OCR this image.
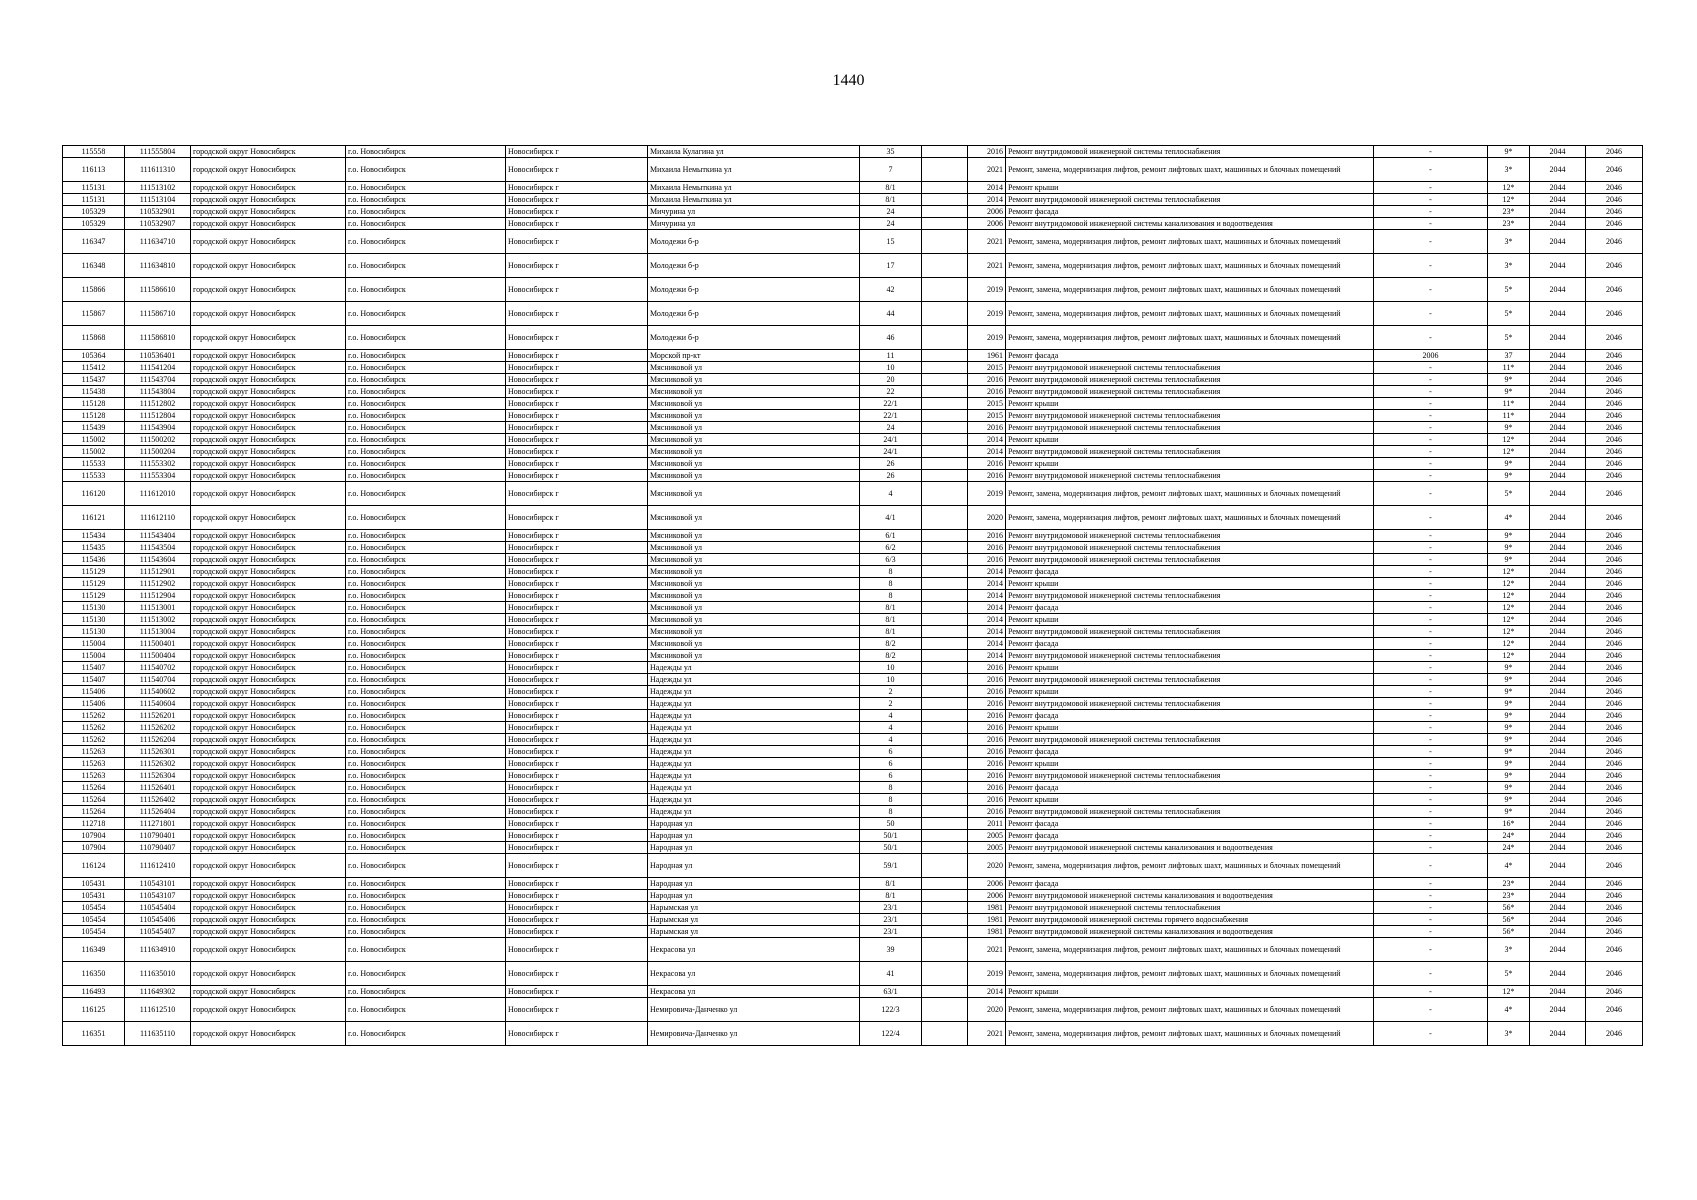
1440
115558	111555804	городской округ Новосибирск	г.о. Новосибирск	Новосибирск г	Михаила Кулагина ул	35		2016	Ремонт внутридомовой инженерной системы теплоснабжения	-	9*	2044	2046
116113	111611310	городской округ Новосибирск	г.о. Новосибирск	Новосибирск г	Михаила Немыткина ул	7		2021	Ремонт, замена, модернизация лифтов, ремонт лифтовых шахт, машинных и блочных помещений	-	3*	2044	2046
115131	111513102	городской округ Новосибирск	г.о. Новосибирск	Новосибирск г	Михаила Немыткина ул	8/1		2014	Ремонт крыши	-	12*	2044	2046
115131	111513104	городской округ Новосибирск	г.о. Новосибирск	Новосибирск г	Михаила Немыткина ул	8/1		2014	Ремонт внутридомовой инженерной системы теплоснабжения	-	12*	2044	2046
105329	110532901	городской округ Новосибирск	г.о. Новосибирск	Новосибирск г	Мичурина ул	24		2006	Ремонт фасада	-	23*	2044	2046
105329	110532907	городской округ Новосибирск	г.о. Новосибирск	Новосибирск г	Мичурина ул	24		2006	Ремонт внутридомовой инженерной системы канализования и водоотведения	-	23*	2044	2046
116347	111634710	городской округ Новосибирск	г.о. Новосибирск	Новосибирск г	Молодежи б-р	15		2021	Ремонт, замена, модернизация лифтов, ремонт лифтовых шахт, машинных и блочных помещений	-	3*	2044	2046
116348	111634810	городской округ Новосибирск	г.о. Новосибирск	Новосибирск г	Молодежи б-р	17		2021	Ремонт, замена, модернизация лифтов, ремонт лифтовых шахт, машинных и блочных помещений	-	3*	2044	2046
115866	111586610	городской округ Новосибирск	г.о. Новосибирск	Новосибирск г	Молодежи б-р	42		2019	Ремонт, замена, модернизация лифтов, ремонт лифтовых шахт, машинных и блочных помещений	-	5*	2044	2046
115867	111586710	городской округ Новосибирск	г.о. Новосибирск	Новосибирск г	Молодежи б-р	44		2019	Ремонт, замена, модернизация лифтов, ремонт лифтовых шахт, машинных и блочных помещений	-	5*	2044	2046
115868	111586810	городской округ Новосибирск	г.о. Новосибирск	Новосибирск г	Молодежи б-р	46		2019	Ремонт, замена, модернизация лифтов, ремонт лифтовых шахт, машинных и блочных помещений	-	5*	2044	2046
105364	110536401	городской округ Новосибирск	г.о. Новосибирск	Новосибирск г	Морской пр-кт	11		1961	Ремонт фасада	2006	37	2044	2046
115412	111541204	городской округ Новосибирск	г.о. Новосибирск	Новосибирск г	Мясниковой ул	10		2015	Ремонт внутридомовой инженерной системы теплоснабжения	-	11*	2044	2046
115437	111543704	городской округ Новосибирск	г.о. Новосибирск	Новосибирск г	Мясниковой ул	20		2016	Ремонт внутридомовой инженерной системы теплоснабжения	-	9*	2044	2046
115438	111543804	городской округ Новосибирск	г.о. Новосибирск	Новосибирск г	Мясниковой ул	22		2016	Ремонт внутридомовой инженерной системы теплоснабжения	-	9*	2044	2046
115128	111512802	городской округ Новосибирск	г.о. Новосибирск	Новосибирск г	Мясниковой ул	22/1		2015	Ремонт крыши	-	11*	2044	2046
115128	111512804	городской округ Новосибирск	г.о. Новосибирск	Новосибирск г	Мясниковой ул	22/1		2015	Ремонт внутридомовой инженерной системы теплоснабжения	-	11*	2044	2046
115439	111543904	городской округ Новосибирск	г.о. Новосибирск	Новосибирск г	Мясниковой ул	24		2016	Ремонт внутридомовой инженерной системы теплоснабжения	-	9*	2044	2046
115002	111500202	городской округ Новосибирск	г.о. Новосибирск	Новосибирск г	Мясниковой ул	24/1		2014	Ремонт крыши	-	12*	2044	2046
115002	111500204	городской округ Новосибирск	г.о. Новосибирск	Новосибирск г	Мясниковой ул	24/1		2014	Ремонт внутридомовой инженерной системы теплоснабжения	-	12*	2044	2046
115533	111553302	городской округ Новосибирск	г.о. Новосибирск	Новосибирск г	Мясниковой ул	26		2016	Ремонт крыши	-	9*	2044	2046
115533	111553304	городской округ Новосибирск	г.о. Новосибирск	Новосибирск г	Мясниковой ул	26		2016	Ремонт внутридомовой инженерной системы теплоснабжения	-	9*	2044	2046
116120	111612010	городской округ Новосибирск	г.о. Новосибирск	Новосибирск г	Мясниковой ул	4		2019	Ремонт, замена, модернизация лифтов, ремонт лифтовых шахт, машинных и блочных помещений	-	5*	2044	2046
116121	111612110	городской округ Новосибирск	г.о. Новосибирск	Новосибирск г	Мясниковой ул	4/1		2020	Ремонт, замена, модернизация лифтов, ремонт лифтовых шахт, машинных и блочных помещений	-	4*	2044	2046
115434	111543404	городской округ Новосибирск	г.о. Новосибирск	Новосибирск г	Мясниковой ул	6/1		2016	Ремонт внутридомовой инженерной системы теплоснабжения	-	9*	2044	2046
115435	111543504	городской округ Новосибирск	г.о. Новосибирск	Новосибирск г	Мясниковой ул	6/2		2016	Ремонт внутридомовой инженерной системы теплоснабжения	-	9*	2044	2046
115436	111543604	городской округ Новосибирск	г.о. Новосибирск	Новосибирск г	Мясниковой ул	6/3		2016	Ремонт внутридомовой инженерной системы теплоснабжения	-	9*	2044	2046
115129	111512901	городской округ Новосибирск	г.о. Новосибирск	Новосибирск г	Мясниковой ул	8		2014	Ремонт фасада	-	12*	2044	2046
115129	111512902	городской округ Новосибирск	г.о. Новосибирск	Новосибирск г	Мясниковой ул	8		2014	Ремонт крыши	-	12*	2044	2046
115129	111512904	городской округ Новосибирск	г.о. Новосибирск	Новосибирск г	Мясниковой ул	8		2014	Ремонт внутридомовой инженерной системы теплоснабжения	-	12*	2044	2046
115130	111513001	городской округ Новосибирск	г.о. Новосибирск	Новосибирск г	Мясниковой ул	8/1		2014	Ремонт фасада	-	12*	2044	2046
115130	111513002	городской округ Новосибирск	г.о. Новосибирск	Новосибирск г	Мясниковой ул	8/1		2014	Ремонт крыши	-	12*	2044	2046
115130	111513004	городской округ Новосибирск	г.о. Новосибирск	Новосибирск г	Мясниковой ул	8/1		2014	Ремонт внутридомовой инженерной системы теплоснабжения	-	12*	2044	2046
115004	111500401	городской округ Новосибирск	г.о. Новосибирск	Новосибирск г	Мясниковой ул	8/2		2014	Ремонт фасада	-	12*	2044	2046
115004	111500404	городской округ Новосибирск	г.о. Новосибирск	Новосибирск г	Мясниковой ул	8/2		2014	Ремонт внутридомовой инженерной системы теплоснабжения	-	12*	2044	2046
115407	111540702	городской округ Новосибирск	г.о. Новосибирск	Новосибирск г	Надежды ул	10		2016	Ремонт крыши	-	9*	2044	2046
115407	111540704	городской округ Новосибирск	г.о. Новосибирск	Новосибирск г	Надежды ул	10		2016	Ремонт внутридомовой инженерной системы теплоснабжения	-	9*	2044	2046
115406	111540602	городской округ Новосибирск	г.о. Новосибирск	Новосибирск г	Надежды ул	2		2016	Ремонт крыши	-	9*	2044	2046
115406	111540604	городской округ Новосибирск	г.о. Новосибирск	Новосибирск г	Надежды ул	2		2016	Ремонт внутридомовой инженерной системы теплоснабжения	-	9*	2044	2046
115262	111526201	городской округ Новосибирск	г.о. Новосибирск	Новосибирск г	Надежды ул	4		2016	Ремонт фасада	-	9*	2044	2046
115262	111526202	городской округ Новосибирск	г.о. Новосибирск	Новосибирск г	Надежды ул	4		2016	Ремонт крыши	-	9*	2044	2046
115262	111526204	городской округ Новосибирск	г.о. Новосибирск	Новосибирск г	Надежды ул	4		2016	Ремонт внутридомовой инженерной системы теплоснабжения	-	9*	2044	2046
115263	111526301	городской округ Новосибирск	г.о. Новосибирск	Новосибирск г	Надежды ул	6		2016	Ремонт фасада	-	9*	2044	2046
115263	111526302	городской округ Новосибирск	г.о. Новосибирск	Новосибирск г	Надежды ул	6		2016	Ремонт крыши	-	9*	2044	2046
115263	111526304	городской округ Новосибирск	г.о. Новосибирск	Новосибирск г	Надежды ул	6		2016	Ремонт внутридомовой инженерной системы теплоснабжения	-	9*	2044	2046
115264	111526401	городской округ Новосибирск	г.о. Новосибирск	Новосибирск г	Надежды ул	8		2016	Ремонт фасада	-	9*	2044	2046
115264	111526402	городской округ Новосибирск	г.о. Новосибирск	Новосибирск г	Надежды ул	8		2016	Ремонт крыши	-	9*	2044	2046
115264	111526404	городской округ Новосибирск	г.о. Новосибирск	Новосибирск г	Надежды ул	8		2016	Ремонт внутридомовой инженерной системы теплоснабжения	-	9*	2044	2046
112718	111271801	городской округ Новосибирск	г.о. Новосибирск	Новосибирск г	Народная ул	50		2011	Ремонт фасада	-	16*	2044	2046
107904	110790401	городской округ Новосибирск	г.о. Новосибирск	Новосибирск г	Народная ул	50/1		2005	Ремонт фасада	-	24*	2044	2046
107904	110790407	городской округ Новосибирск	г.о. Новосибирск	Новосибирск г	Народная ул	50/1		2005	Ремонт внутридомовой инженерной системы канализования и водоотведения	-	24*	2044	2046
116124	111612410	городской округ Новосибирск	г.о. Новосибирск	Новосибирск г	Народная ул	59/1		2020	Ремонт, замена, модернизация лифтов, ремонт лифтовых шахт, машинных и блочных помещений	-	4*	2044	2046
105431	110543101	городской округ Новосибирск	г.о. Новосибирск	Новосибирск г	Народная ул	8/1		2006	Ремонт фасада	-	23*	2044	2046
105431	110543107	городской округ Новосибирск	г.о. Новосибирск	Новосибирск г	Народная ул	8/1		2006	Ремонт внутридомовой инженерной системы канализования и водоотведения	-	23*	2044	2046
105454	110545404	городской округ Новосибирск	г.о. Новосибирск	Новосибирск г	Нарымская ул	23/1		1981	Ремонт внутридомовой инженерной системы теплоснабжения	-	56*	2044	2046
105454	110545406	городской округ Новосибирск	г.о. Новосибирск	Новосибирск г	Нарымская ул	23/1		1981	Ремонт внутридомовой инженерной системы горячего водоснабжения	-	56*	2044	2046
105454	110545407	городской округ Новосибирск	г.о. Новосибирск	Новосибирск г	Нарымская ул	23/1		1981	Ремонт внутридомовой инженерной системы канализования и водоотведения	-	56*	2044	2046
116349	111634910	городской округ Новосибирск	г.о. Новосибирск	Новосибирск г	Некрасова ул	39		2021	Ремонт, замена, модернизация лифтов, ремонт лифтовых шахт, машинных и блочных помещений	-	3*	2044	2046
116350	111635010	городской округ Новосибирск	г.о. Новосибирск	Новосибирск г	Некрасова ул	41		2019	Ремонт, замена, модернизация лифтов, ремонт лифтовых шахт, машинных и блочных помещений	-	5*	2044	2046
116493	111649302	городской округ Новосибирск	г.о. Новосибирск	Новосибирск г	Некрасова ул	63/1		2014	Ремонт крыши	-	12*	2044	2046
116125	111612510	городской округ Новосибирск	г.о. Новосибирск	Новосибирск г	Немировича-Данченко ул	122/3		2020	Ремонт, замена, модернизация лифтов, ремонт лифтовых шахт, машинных и блочных помещений	-	4*	2044	2046
116351	111635110	городской округ Новосибирск	г.о. Новосибирск	Новосибирск г	Немировича-Данченко ул	122/4		2021	Ремонт, замена, модернизация лифтов, ремонт лифтовых шахт, машинных и блочных помещений	-	3*	2044	2046
